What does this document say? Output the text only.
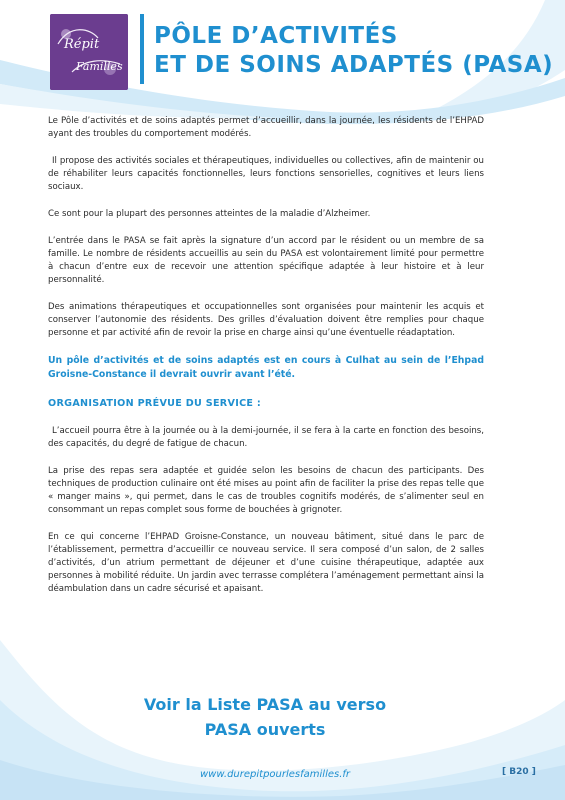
Répit
Familles
PÔLE D’ACTIVITÉS
ET DE SOINS ADAPTÉS (PASA)

Le Pôle d’activités et de soins adaptés permet d’accueillir, dans la journée, les résidents de l’EHPAD ayant des troubles du comportement modérés.

Il propose des activités sociales et thérapeutiques, individuelles ou collectives, afin de maintenir ou de réhabiliter leurs capacités fonctionnelles, leurs fonctions sensorielles, cognitives et leurs liens sociaux.

Ce sont pour la plupart des personnes atteintes de la maladie d’Alzheimer.

L’entrée dans le PASA se fait après la signature d’un accord par le résident ou un membre de sa famille. Le nombre de résidents accueillis au sein du PASA est volontairement limité pour permettre à chacun d’entre eux de recevoir une attention spécifique adaptée à leur histoire et à leur personnalité.

Des animations thérapeutiques et occupationnelles sont organisées pour maintenir les acquis et conserver l’autonomie des résidents. Des grilles d’évaluation doivent être remplies pour chaque personne et par activité afin de revoir la prise en charge ainsi qu’une éventuelle réadaptation.

Un pôle d’activités et de soins adaptés est en cours à Culhat au sein de l’Ehpad Groisne-Constance il devrait ouvrir avant l’été.

ORGANISATION PRÉVUE DU SERVICE :

L’accueil pourra être à la journée ou à la demi-journée, il se fera à la carte en fonction des besoins, des capacités, du degré de fatigue de chacun.

La prise des repas sera adaptée et guidée selon les besoins de chacun des participants. Des techniques de production culinaire ont été mises au point afin de faciliter la prise des repas telle que « manger mains », qui permet, dans le cas de troubles cognitifs modérés, de s’alimenter seul en consommant un repas complet sous forme de bouchées à grignoter.

En ce qui concerne l’EHPAD Groisne-Constance, un nouveau bâtiment, situé dans le parc de l’établissement, permettra d’accueillir ce nouveau service. Il sera composé d’un salon, de 2 salles d’activités, d’un atrium permettant de déjeuner et d’une cuisine thérapeutique, adaptée aux personnes à mobilité réduite. Un jardin avec terrasse complétera l’aménagement permettant ainsi la déambulation dans un cadre sécurisé et apaisant.

Voir la Liste PASA au verso
PASA ouverts
www.durepitpourlesfamilles.fr	[ B20 ]
